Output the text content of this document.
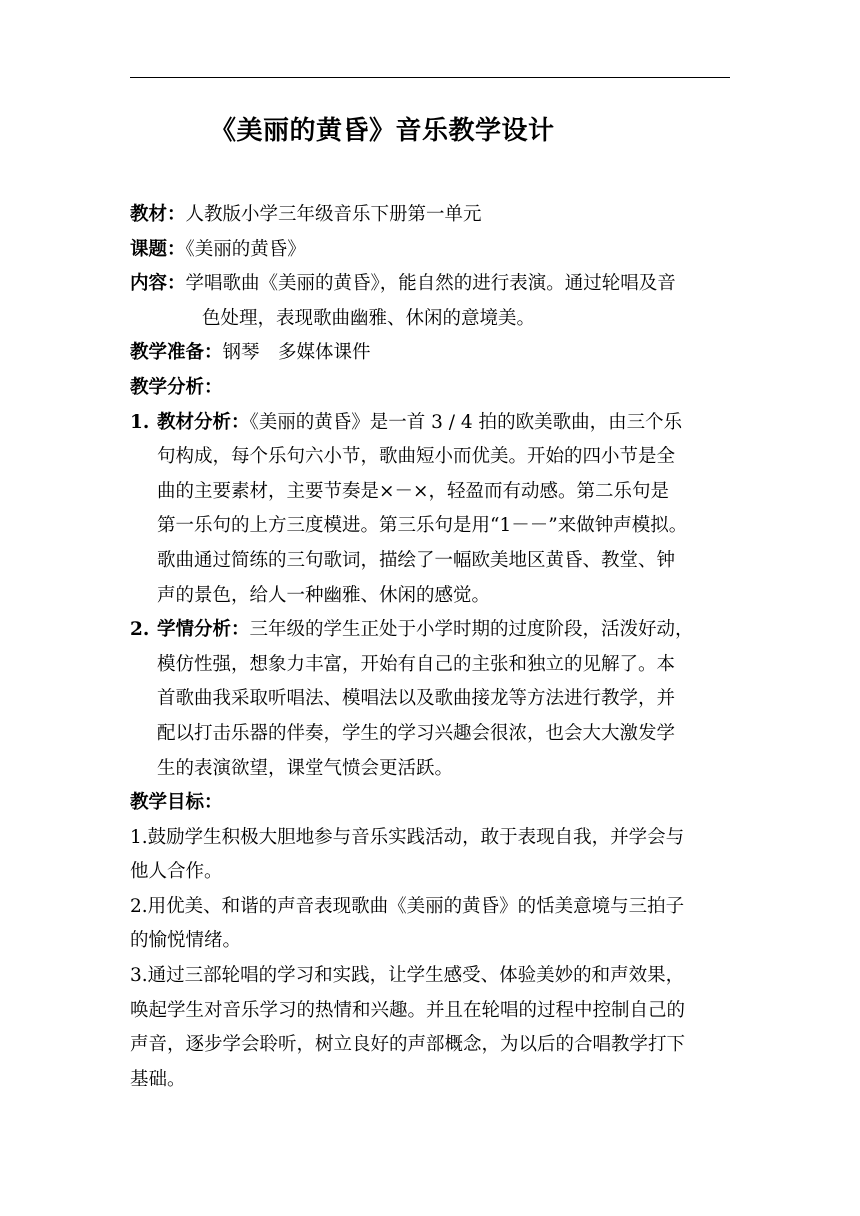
《美丽的黄昏》音乐教学设计
教材：人教版小学三年级音乐下册第一单元
课题：《美丽的黄昏》
内容：学唱歌曲《美丽的黄昏》，能自然的进行表演。通过轮唱及音
色处理，表现歌曲幽雅、休闲的意境美。
教学准备：钢琴　多媒体课件
教学分析：
1. 教材分析：《美丽的黄昏》是一首 3 / 4 拍的欧美歌曲，由三个乐
句构成，每个乐句六小节，歌曲短小而优美。开始的四小节是全
曲的主要素材，主要节奏是×－×，轻盈而有动感。第二乐句是
第一乐句的上方三度模进。第三乐句是用“1－－”来做钟声模拟。
歌曲通过简练的三句歌词，描绘了一幅欧美地区黄昏、教堂、钟
声的景色，给人一种幽雅、休闲的感觉。
2. 学情分析：三年级的学生正处于小学时期的过度阶段，活泼好动，
模仿性强，想象力丰富，开始有自己的主张和独立的见解了。本
首歌曲我采取听唱法、模唱法以及歌曲接龙等方法进行教学，并
配以打击乐器的伴奏，学生的学习兴趣会很浓，也会大大激发学
生的表演欲望，课堂气愤会更活跃。
教学目标：
1.鼓励学生积极大胆地参与音乐实践活动，敢于表现自我，并学会与
他人合作。
2.用优美、和谐的声音表现歌曲《美丽的黄昏》的恬美意境与三拍子
的愉悦情绪。
3.通过三部轮唱的学习和实践，让学生感受、体验美妙的和声效果，
唤起学生对音乐学习的热情和兴趣。并且在轮唱的过程中控制自己的
声音，逐步学会聆听，树立良好的声部概念，为以后的合唱教学打下
基础。
